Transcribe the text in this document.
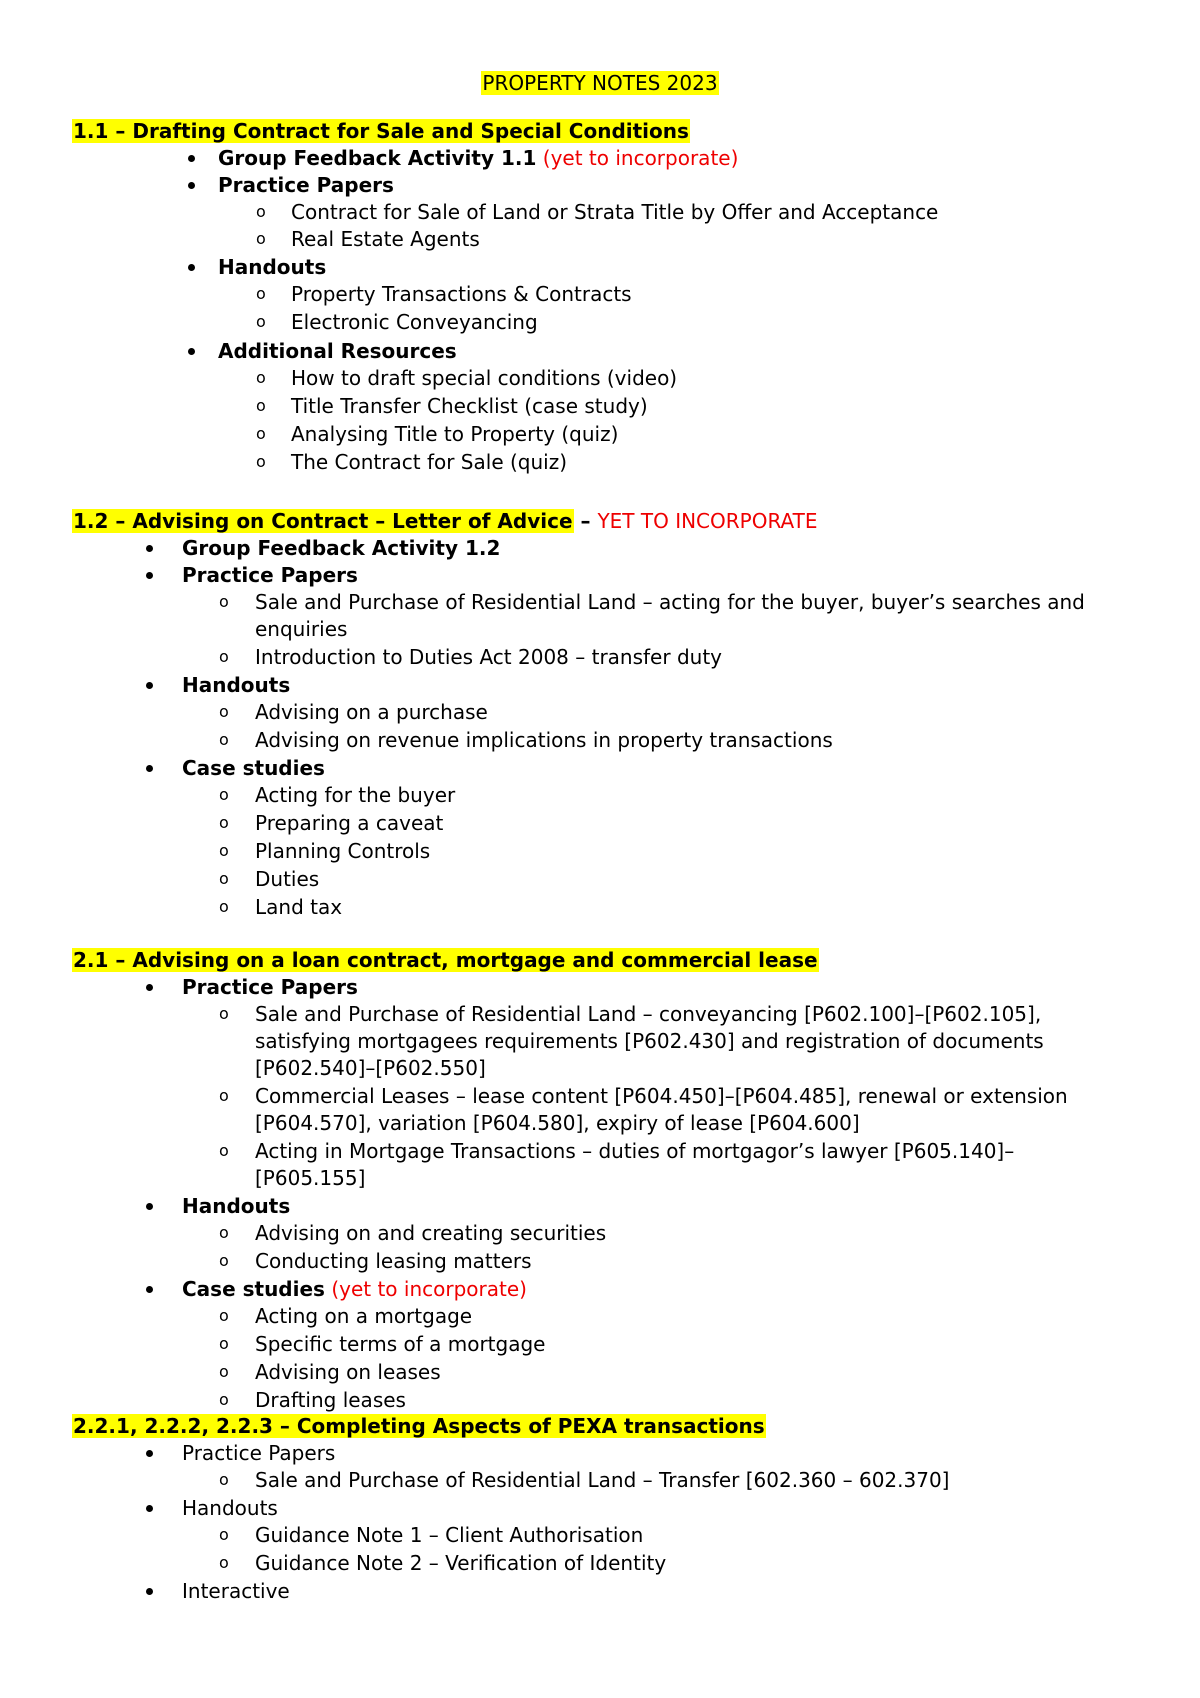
PROPERTY NOTES 2023
1.1 – Drafting Contract for Sale and Special Conditions
Group Feedback Activity 1.1 (yet to incorporate)
Practice Papers
o Contract for Sale of Land or Strata Title by Offer and Acceptance
o Real Estate Agents
Handouts
o Property Transactions & Contracts
o Electronic Conveyancing
Additional Resources
o How to draft special conditions (video)
o Title Transfer Checklist (case study)
o Analysing Title to Property (quiz)
o The Contract for Sale (quiz)
1.2 – Advising on Contract – Letter of Advice – YET TO INCORPORATE
Group Feedback Activity 1.2
Practice Papers
o Sale and Purchase of Residential Land – acting for the buyer, buyer’s searches and
enquiries
o Introduction to Duties Act 2008 – transfer duty
Handouts
o Advising on a purchase
o Advising on revenue implications in property transactions
Case studies
o Acting for the buyer
o Preparing a caveat
o Planning Controls
o Duties
o Land tax
2.1 – Advising on a loan contract, mortgage and commercial lease
Practice Papers
o Sale and Purchase of Residential Land – conveyancing [P602.100]–[P602.105],
satisfying mortgagees requirements [P602.430] and registration of documents
[P602.540]–[P602.550]
o Commercial Leases – lease content [P604.450]–[P604.485], renewal or extension
[P604.570], variation [P604.580], expiry of lease [P604.600]
o Acting in Mortgage Transactions – duties of mortgagor’s lawyer [P605.140]–
[P605.155]
Handouts
o Advising on and creating securities
o Conducting leasing matters
Case studies (yet to incorporate)
o Acting on a mortgage
o Specific terms of a mortgage
o Advising on leases
o Drafting leases
2.2.1, 2.2.2, 2.2.3 – Completing Aspects of PEXA transactions
Practice Papers
o Sale and Purchase of Residential Land – Transfer [602.360 – 602.370]
Handouts
o Guidance Note 1 – Client Authorisation
o Guidance Note 2 – Verification of Identity
Interactive
